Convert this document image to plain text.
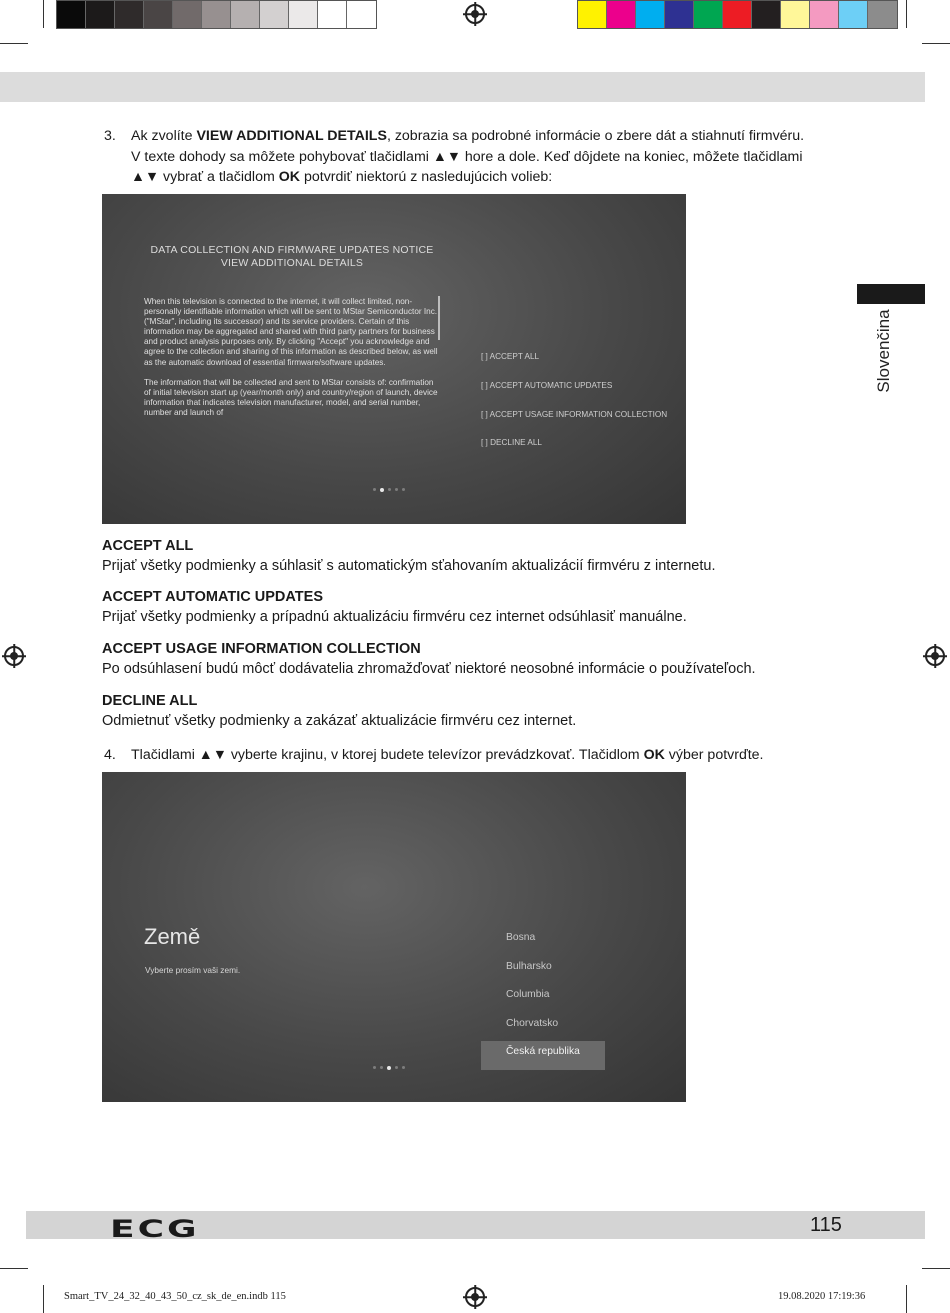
Slovenčina
3. Ak zvolíte VIEW ADDITIONAL DETAILS, zobrazia sa podrobné informácie o zbere dát a stiahnutí firmvéru.
V texte dohody sa môžete pohybovať tlačidlami ▲▼ hore a dole. Keď dôjdete na koniec, môžete tlačidlami
▲▼ vybrať a tlačidlom OK potvrdiť niektorú z nasledujúcich volieb:
DATA COLLECTION AND FIRMWARE UPDATES NOTICE
VIEW ADDITIONAL DETAILS

When this television is connected to the internet, it will collect limited, non-personally identifiable information which will be sent to MStar Semiconductor Inc. ("MStar", including its successor) and its service providers. Certain of this information may be aggregated and shared with third party partners for business and product analysis purposes only. By clicking "Accept" you acknowledge and agree to the collection and sharing of this information as described below, as well as the automatic download of essential firmware/software updates.

The information that will be collected and sent to MStar consists of: confirmation of initial television start up (year/month only) and country/region of launch, device information that indicates television manufacturer, model, and serial number, number and launch of

[ ] ACCEPT ALL
[ ] ACCEPT AUTOMATIC UPDATES
[ ] ACCEPT USAGE INFORMATION COLLECTION
[ ] DECLINE ALL
ACCEPT ALL
Prijať všetky podmienky a súhlasiť s automatickým sťahovaním aktualizácií firmvéru z internetu.
ACCEPT AUTOMATIC UPDATES
Prijať všetky podmienky a prípadnú aktualizáciu firmvéru cez internet odsúhlasiť manuálne.
ACCEPT USAGE INFORMATION COLLECTION
Po odsúhlasení budú môcť dodávatelia zhromažďovať niektoré neosobné informácie o používateľoch.
DECLINE ALL
Odmietnuť všetky podmienky a zakázať aktualizácie firmvéru cez internet.
4. Tlačidlami ▲▼ vyberte krajinu, v ktorej budete televízor prevádzkovať. Tlačidlom OK výber potvrďte.
Země
Vyberte prosím vaši zemi.
Bosna
Bulharsko
Columbia
Chorvatsko
Česká republika
ECG	115
Smart_TV_24_32_40_43_50_cz_sk_de_en.indb 115	19.08.2020 17:19:36
